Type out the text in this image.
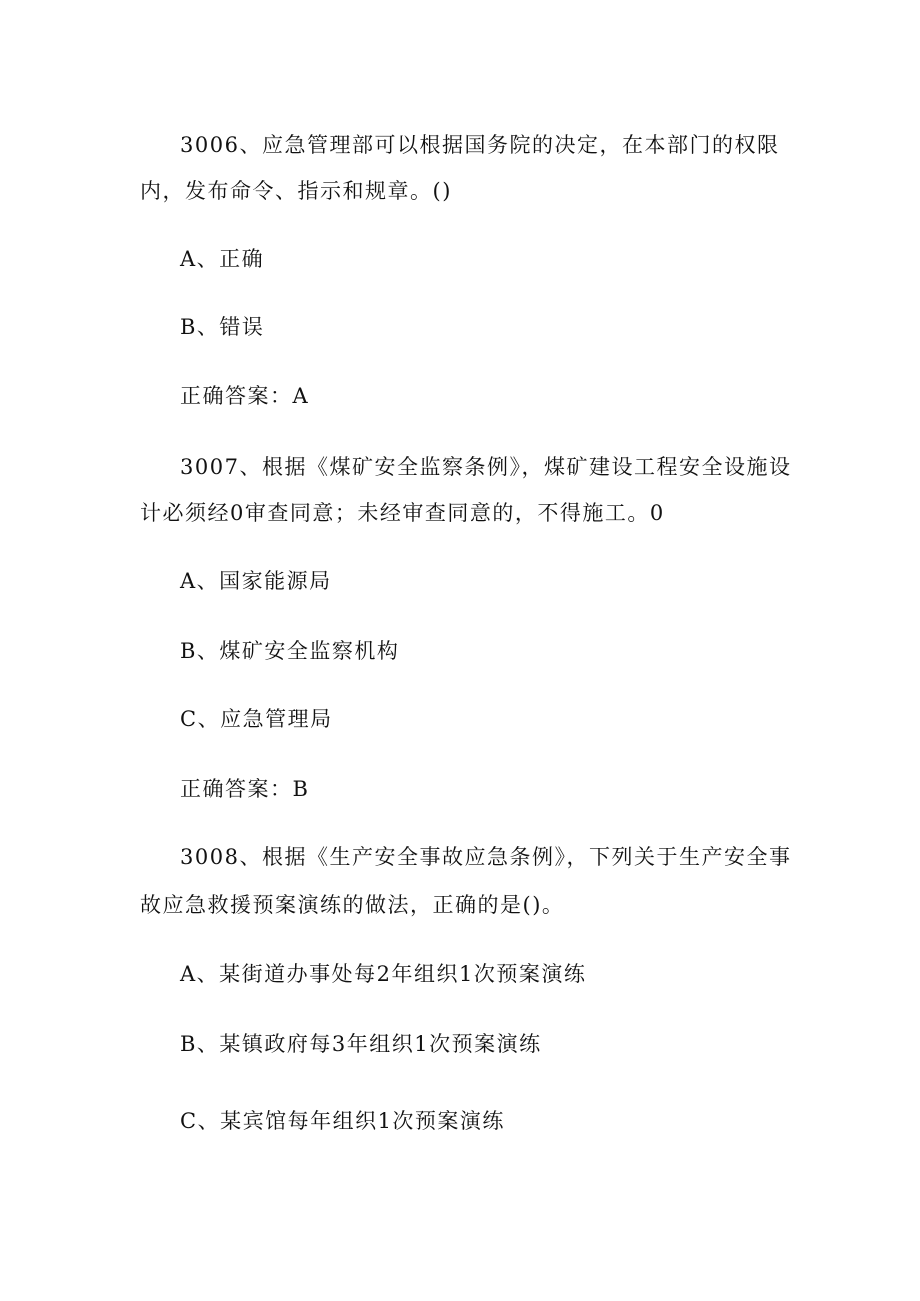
3006、应急管理部可以根据国务院的决定，在本部门的权限
内，发布命令、指示和规章。()
A、正确
B、错误
正确答案：A
3007、根据《煤矿安全监察条例》，煤矿建设工程安全设施设
计必须经0审查同意；未经审查同意的，不得施工。0
A、国家能源局
B、煤矿安全监察机构
C、应急管理局
正确答案：B
3008、根据《生产安全事故应急条例》，下列关于生产安全事
故应急救援预案演练的做法，正确的是()。
A、某街道办事处每2年组织1次预案演练
B、某镇政府每3年组织1次预案演练
C、某宾馆每年组织1次预案演练
